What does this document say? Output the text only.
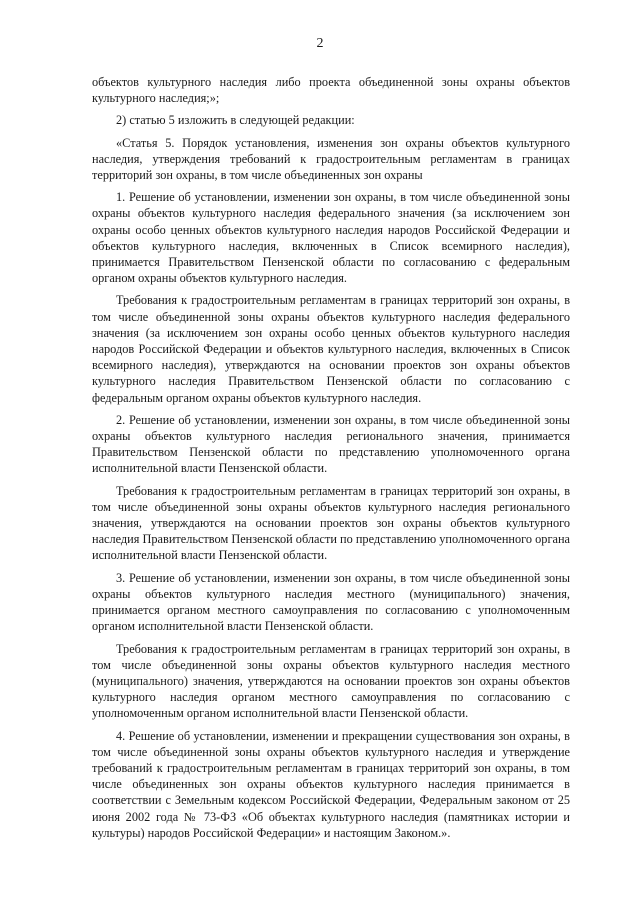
2

объектов культурного наследия либо проекта объединенной зоны охраны объектов культурного наследия;»;

2) статью 5 изложить в следующей редакции:

«Статья 5. Порядок установления, изменения зон охраны объектов культурного наследия, утверждения требований к градостроительным регламентам в границах территорий зон охраны, в том числе объединенных зон охраны

1. Решение об установлении, изменении зон охраны, в том числе объединенной зоны охраны объектов культурного наследия федерального значения (за исключением зон охраны особо ценных объектов культурного наследия народов Российской Федерации и объектов культурного наследия, включенных в Список всемирного наследия), принимается Правительством Пензенской области по согласованию с федеральным органом охраны объектов культурного наследия.

Требования к градостроительным регламентам в границах территорий зон охраны, в том числе объединенной зоны охраны объектов культурного наследия федерального значения (за исключением зон охраны особо ценных объектов культурного наследия народов Российской Федерации и объектов культурного наследия, включенных в Список всемирного наследия), утверждаются на основании проектов зон охраны объектов культурного наследия Правительством Пензенской области по согласованию с федеральным органом охраны объектов культурного наследия.

2. Решение об установлении, изменении зон охраны, в том числе объединенной зоны охраны объектов культурного наследия регионального значения, принимается Правительством Пензенской области по представлению уполномоченного органа исполнительной власти Пензенской области.

Требования к градостроительным регламентам в границах территорий зон охраны, в том числе объединенной зоны охраны объектов культурного наследия регионального значения, утверждаются на основании проектов зон охраны объектов культурного наследия Правительством Пензенской области по представлению уполномоченного органа исполнительной власти Пензенской области.

3. Решение об установлении, изменении зон охраны, в том числе объединенной зоны охраны объектов культурного наследия местного (муниципального) значения, принимается органом местного самоуправления по согласованию с уполномоченным органом исполнительной власти Пензенской области.

Требования к градостроительным регламентам в границах территорий зон охраны, в том числе объединенной зоны охраны объектов культурного наследия местного (муниципального) значения, утверждаются на основании проектов зон охраны объектов культурного наследия органом местного самоуправления по согласованию с уполномоченным органом исполнительной власти Пензенской области.

4. Решение об установлении, изменении и прекращении существования зон охраны, в том числе объединенной зоны охраны объектов культурного наследия и утверждение требований к градостроительным регламентам в границах территорий зон охраны, в том числе объединенных зон охраны объектов культурного наследия принимается в соответствии с Земельным кодексом Российской Федерации, Федеральным законом от 25 июня 2002 года № 73-ФЗ «Об объектах культурного наследия (памятниках истории и культуры) народов Российской Федерации» и настоящим Законом.».
